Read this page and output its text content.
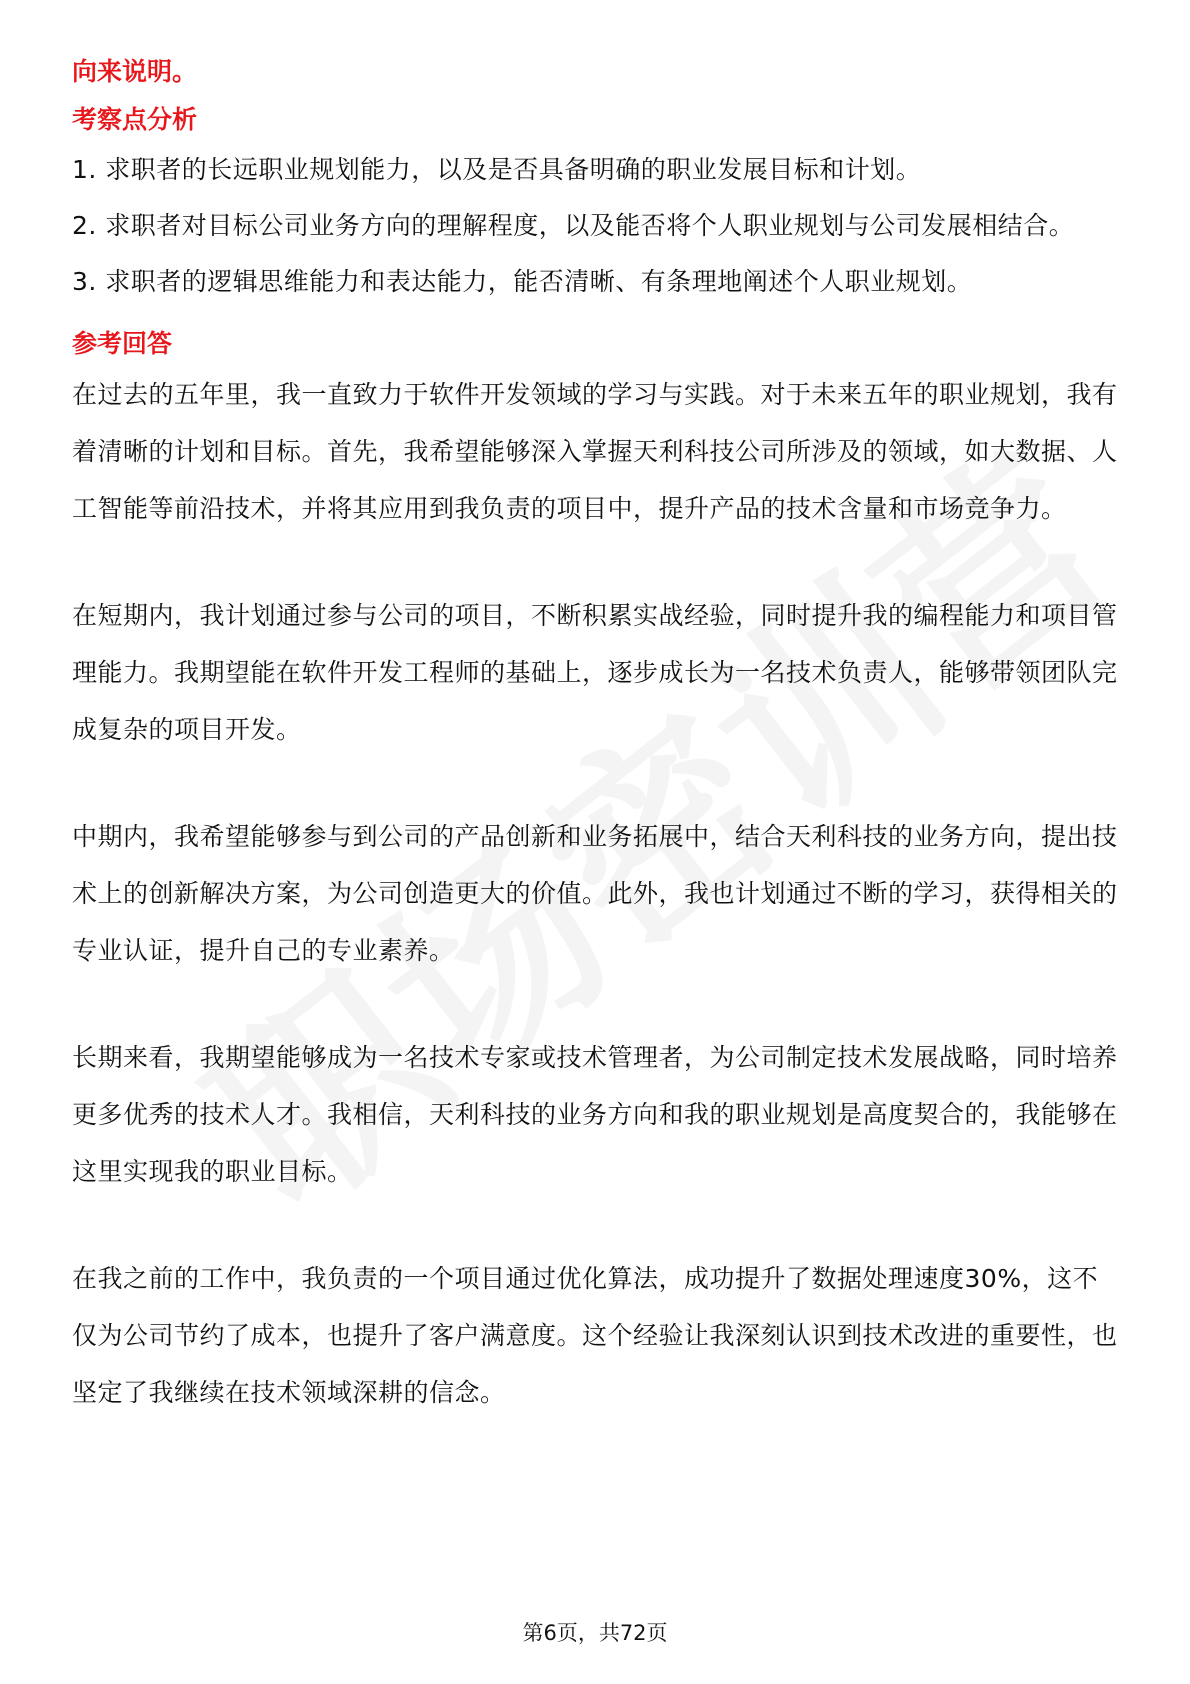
向来说明。

考察点分析

1. 求职者的长远职业规划能力，以及是否具备明确的职业发展目标和计划。

2. 求职者对目标公司业务方向的理解程度，以及能否将个人职业规划与公司发展相结合。

3. 求职者的逻辑思维能力和表达能力，能否清晰、有条理地阐述个人职业规划。

参考回答

在过去的五年里，我一直致力于软件开发领域的学习与实践。对于未来五年的职业规划，我有着清晰的计划和目标。首先，我希望能够深入掌握天利科技公司所涉及的领域，如大数据、人工智能等前沿技术，并将其应用到我负责的项目中，提升产品的技术含量和市场竞争力。

在短期内，我计划通过参与公司的项目，不断积累实战经验，同时提升我的编程能力和项目管理能力。我期望能在软件开发工程师的基础上，逐步成长为一名技术负责人，能够带领团队完成复杂的项目开发。

中期内，我希望能够参与到公司的产品创新和业务拓展中，结合天利科技的业务方向，提出技术上的创新解决方案，为公司创造更大的价值。此外，我也计划通过不断的学习，获得相关的专业认证，提升自己的专业素养。

长期来看，我期望能够成为一名技术专家或技术管理者，为公司制定技术发展战略，同时培养更多优秀的技术人才。我相信，天利科技的业务方向和我的职业规划是高度契合的，我能够在这里实现我的职业目标。

在我之前的工作中，我负责的一个项目通过优化算法，成功提升了数据处理速度30%，这不仅为公司节约了成本，也提升了客户满意度。这个经验让我深刻认识到技术改进的重要性，也坚定了我继续在技术领域深耕的信念。

第6页，共72页
